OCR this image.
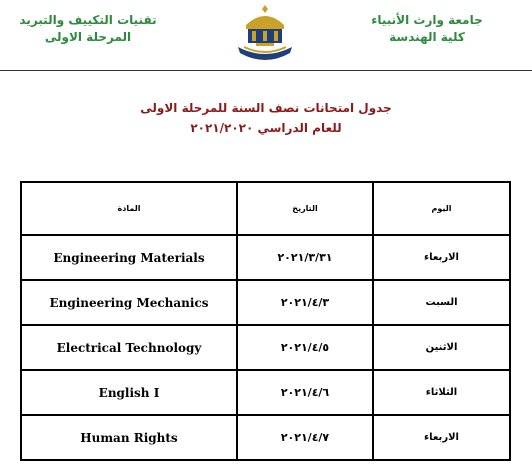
جامعة وارث الأنبياء
كلية الهندسة
تقنيات التكييف والتبريد
المرحلة الاولى
جدول امتحانات نصف السنة للمرحلة الاولى
للعام الدراسي ٢٠٢١/٢٠٢٠
المادة	التاريخ	اليوم
Engineering Materials	٢٠٢١/٣/٣١	الاربعاء
Engineering Mechanics	٢٠٢١/٤/٣	السبت
Electrical Technology	٢٠٢١/٤/٥	الاثنين
English I	٢٠٢١/٤/٦	الثلاثاء
Human Rights	٢٠٢١/٤/٧	الاربعاء
